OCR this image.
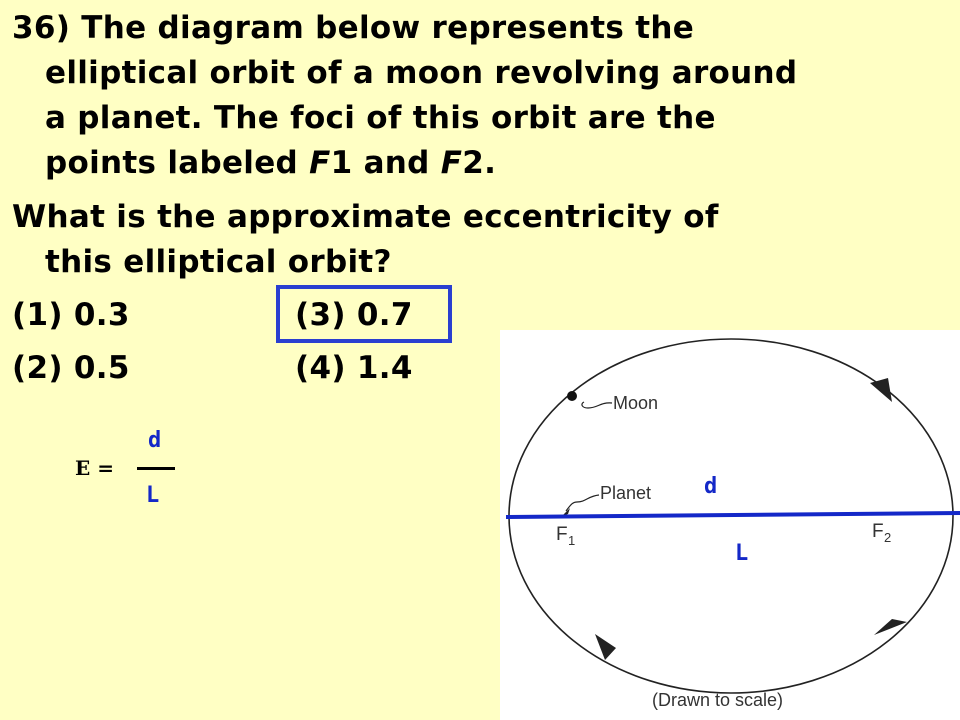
36) The diagram below represents the
elliptical orbit of a moon revolving around
a planet. The foci of this orbit are the
points labeled F1 and F2.
What is the approximate eccentricity of
this elliptical orbit?
(1) 0.3	(3) 0.7
(2) 0.5	(4) 1.4
E =
d
L
Moon
Planet
F 1	F 2
d
L
(Drawn to scale)
